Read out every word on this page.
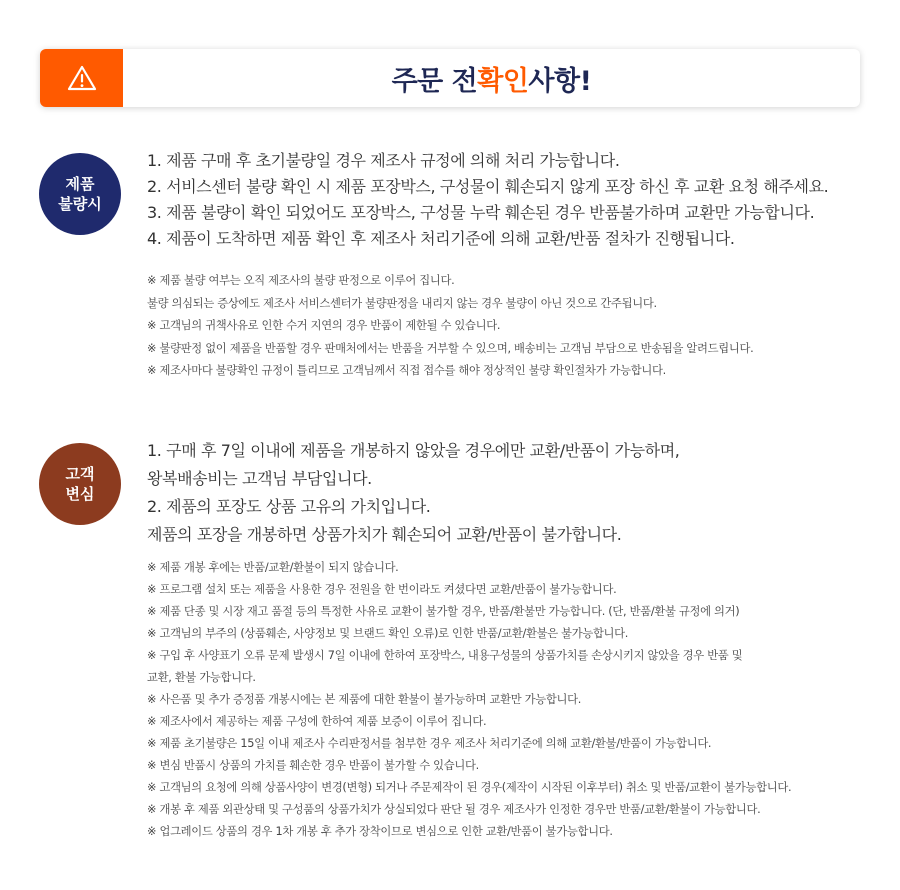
주문 전 확인 사항!
제품
불량시
1. 제품 구매 후 초기불량일 경우 제조사 규정에 의해 처리 가능합니다.
2. 서비스센터 불량 확인 시 제품 포장박스, 구성물이 훼손되지 않게 포장 하신 후 교환 요청 해주세요.
3. 제품 불량이 확인 되었어도 포장박스, 구성물 누락 훼손된 경우 반품불가하며 교환만 가능합니다.
4. 제품이 도착하면 제품 확인 후 제조사 처리기준에 의해 교환/반품 절차가 진행됩니다.
※ 제품 불량 여부는 오직 제조사의 불량 판정으로 이루어 집니다.
불량 의심되는 증상에도 제조사 서비스센터가 불량판정을 내리지 않는 경우 불량이 아닌 것으로 간주됩니다.
※ 고객님의 귀책사유로 인한 수거 지연의 경우 반품이 제한될 수 있습니다.
※ 불량판정 없이 제품을 반품할 경우 판매처에서는 반품을 거부할 수 있으며, 배송비는 고객님 부담으로 반송됨을 알려드립니다.
※ 제조사마다 불량확인 규정이 틀리므로 고객님께서 직접 접수를 해야 정상적인 불량 확인절차가 가능합니다.
고객
변심
1. 구매 후 7일 이내에 제품을 개봉하지 않았을 경우에만 교환/반품이 가능하며,
왕복배송비는 고객님 부담입니다.
2. 제품의 포장도 상품 고유의 가치입니다.
제품의 포장을 개봉하면 상품가치가 훼손되어 교환/반품이 불가합니다.
※ 제품 개봉 후에는 반품/교환/환불이 되지 않습니다.
※ 프로그램 설치 또는 제품을 사용한 경우 전원을 한 번이라도 켜셨다면 교환/반품이 불가능합니다.
※ 제품 단종 및 시장 재고 품절 등의 특정한 사유로 교환이 불가할 경우, 반품/환불만 가능합니다. (단, 반품/환불 규정에 의거)
※ 고객님의 부주의 (상품훼손, 사양정보 및 브랜드 확인 오류)로 인한 반품/교환/환불은 불가능합니다.
※ 구입 후 사양표기 오류 문제 발생시 7일 이내에 한하여 포장박스, 내용구성물의 상품가치를 손상시키지 않았을 경우 반품 및
교환, 환불 가능합니다.
※ 사은품 및 추가 증정품 개봉시에는 본 제품에 대한 환불이 불가능하며 교환만 가능합니다.
※ 제조사에서 제공하는 제품 구성에 한하여 제품 보증이 이루어 집니다.
※ 제품 초기불량은 15일 이내 제조사 수리판정서를 첨부한 경우 제조사 처리기준에 의해 교환/환불/반품이 가능합니다.
※ 변심 반품시 상품의 가치를 훼손한 경우 반품이 불가할 수 있습니다.
※ 고객님의 요청에 의해 상품사양이 변경(변형) 되거나 주문제작이 된 경우(제작이 시작된 이후부터) 취소 및 반품/교환이 불가능합니다.
※ 개봉 후 제품 외관상태 및 구성품의 상품가치가 상실되었다 판단 될 경우 제조사가 인정한 경우만 반품/교환/환불이 가능합니다.
※ 업그레이드 상품의 경우 1차 개봉 후 추가 장착이므로 변심으로 인한 교환/반품이 불가능합니다.
